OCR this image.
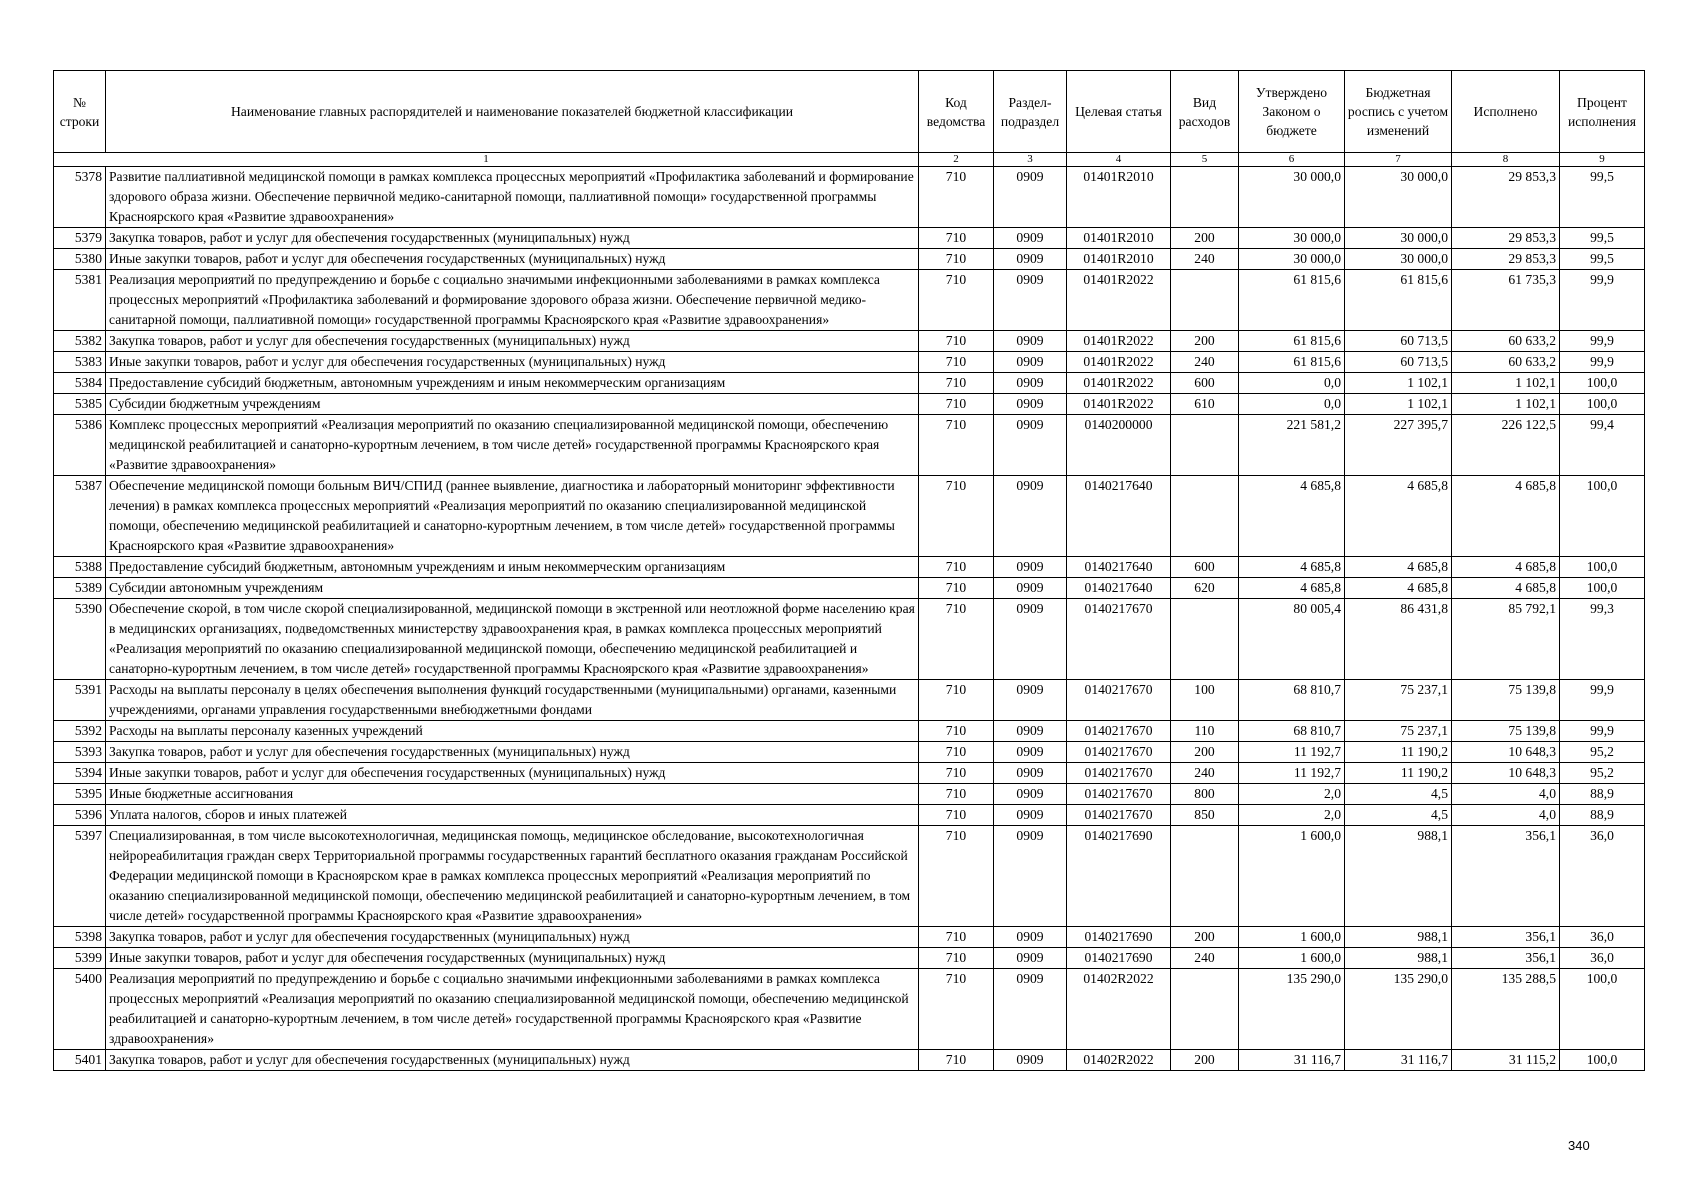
№ строки	Наименование главных распорядителей и наименование показателей бюджетной классификации	Код ведомства	Раздел-подраздел	Целевая статья	Вид расходов	Утверждено Законом о бюджете	Бюджетная роспись с учетом изменений	Исполнено	Процент исполнения
1		2	3	4	5	6	7	8	9
5378	Развитие паллиативной медицинской помощи в рамках комплекса процессных мероприятий «Профилактика заболеваний и формирование здорового образа жизни. Обеспечение первичной медико-санитарной помощи, паллиативной помощи» государственной программы Красноярского края «Развитие здравоохранения»	710	0909	01401R2010		30 000,0	30 000,0	29 853,3	99,5
5379	Закупка товаров, работ и услуг для обеспечения государственных (муниципальных) нужд	710	0909	01401R2010	200	30 000,0	30 000,0	29 853,3	99,5
5380	Иные закупки товаров, работ и услуг для обеспечения государственных (муниципальных) нужд	710	0909	01401R2010	240	30 000,0	30 000,0	29 853,3	99,5
5381	Реализация мероприятий по предупреждению и борьбе с социально значимыми инфекционными заболеваниями в рамках комплекса процессных мероприятий «Профилактика заболеваний и формирование здорового образа жизни. Обеспечение первичной медико-санитарной помощи, паллиативной помощи» государственной программы Красноярского края «Развитие здравоохранения»	710	0909	01401R2022		61 815,6	61 815,6	61 735,3	99,9
5382	Закупка товаров, работ и услуг для обеспечения государственных (муниципальных) нужд	710	0909	01401R2022	200	61 815,6	60 713,5	60 633,2	99,9
5383	Иные закупки товаров, работ и услуг для обеспечения государственных (муниципальных) нужд	710	0909	01401R2022	240	61 815,6	60 713,5	60 633,2	99,9
5384	Предоставление субсидий бюджетным, автономным учреждениям и иным некоммерческим организациям	710	0909	01401R2022	600	0,0	1 102,1	1 102,1	100,0
5385	Субсидии бюджетным учреждениям	710	0909	01401R2022	610	0,0	1 102,1	1 102,1	100,0
5386	Комплекс процессных мероприятий «Реализация мероприятий по оказанию специализированной медицинской помощи, обеспечению медицинской реабилитацией и санаторно-курортным лечением, в том числе детей» государственной программы Красноярского края «Развитие здравоохранения»	710	0909	0140200000		221 581,2	227 395,7	226 122,5	99,4
5387	Обеспечение медицинской помощи больным ВИЧ/СПИД (раннее выявление, диагностика и лабораторный мониторинг эффективности лечения) в рамках комплекса процессных мероприятий «Реализация мероприятий по оказанию специализированной медицинской помощи, обеспечению медицинской реабилитацией и санаторно-курортным лечением, в том числе детей» государственной программы Красноярского края «Развитие здравоохранения»	710	0909	0140217640		4 685,8	4 685,8	4 685,8	100,0
5388	Предоставление субсидий бюджетным, автономным учреждениям и иным некоммерческим организациям	710	0909	0140217640	600	4 685,8	4 685,8	4 685,8	100,0
5389	Субсидии автономным учреждениям	710	0909	0140217640	620	4 685,8	4 685,8	4 685,8	100,0
5390	Обеспечение скорой, в том числе скорой специализированной, медицинской помощи в экстренной или неотложной форме населению края в медицинских организациях, подведомственных министерству здравоохранения края, в рамках комплекса процессных мероприятий «Реализация мероприятий по оказанию специализированной медицинской помощи, обеспечению медицинской реабилитацией и санаторно-курортным лечением, в том числе детей» государственной программы Красноярского края «Развитие здравоохранения»	710	0909	0140217670		80 005,4	86 431,8	85 792,1	99,3
5391	Расходы на выплаты персоналу в целях обеспечения выполнения функций государственными (муниципальными) органами, казенными учреждениями, органами управления государственными внебюджетными фондами	710	0909	0140217670	100	68 810,7	75 237,1	75 139,8	99,9
5392	Расходы на выплаты персоналу казенных учреждений	710	0909	0140217670	110	68 810,7	75 237,1	75 139,8	99,9
5393	Закупка товаров, работ и услуг для обеспечения государственных (муниципальных) нужд	710	0909	0140217670	200	11 192,7	11 190,2	10 648,3	95,2
5394	Иные закупки товаров, работ и услуг для обеспечения государственных (муниципальных) нужд	710	0909	0140217670	240	11 192,7	11 190,2	10 648,3	95,2
5395	Иные бюджетные ассигнования	710	0909	0140217670	800	2,0	4,5	4,0	88,9
5396	Уплата налогов, сборов и иных платежей	710	0909	0140217670	850	2,0	4,5	4,0	88,9
5397	Специализированная, в том числе высокотехнологичная, медицинская помощь, медицинское обследование, высокотехнологичная нейрореабилитация граждан сверх Территориальной программы государственных гарантий бесплатного оказания гражданам Российской Федерации медицинской помощи в Красноярском крае в рамках комплекса процессных мероприятий «Реализация мероприятий по оказанию специализированной медицинской помощи, обеспечению медицинской реабилитацией и санаторно-курортным лечением, в том числе детей» государственной программы Красноярского края «Развитие здравоохранения»	710	0909	0140217690		1 600,0	988,1	356,1	36,0
5398	Закупка товаров, работ и услуг для обеспечения государственных (муниципальных) нужд	710	0909	0140217690	200	1 600,0	988,1	356,1	36,0
5399	Иные закупки товаров, работ и услуг для обеспечения государственных (муниципальных) нужд	710	0909	0140217690	240	1 600,0	988,1	356,1	36,0
5400	Реализация мероприятий по предупреждению и борьбе с социально значимыми инфекционными заболеваниями в рамках комплекса процессных мероприятий «Реализация мероприятий по оказанию специализированной медицинской помощи, обеспечению медицинской реабилитацией и санаторно-курортным лечением, в том числе детей» государственной программы Красноярского края «Развитие здравоохранения»	710	0909	01402R2022		135 290,0	135 290,0	135 288,5	100,0
5401	Закупка товаров, работ и услуг для обеспечения государственных (муниципальных) нужд	710	0909	01402R2022	200	31 116,7	31 116,7	31 115,2	100,0
340
